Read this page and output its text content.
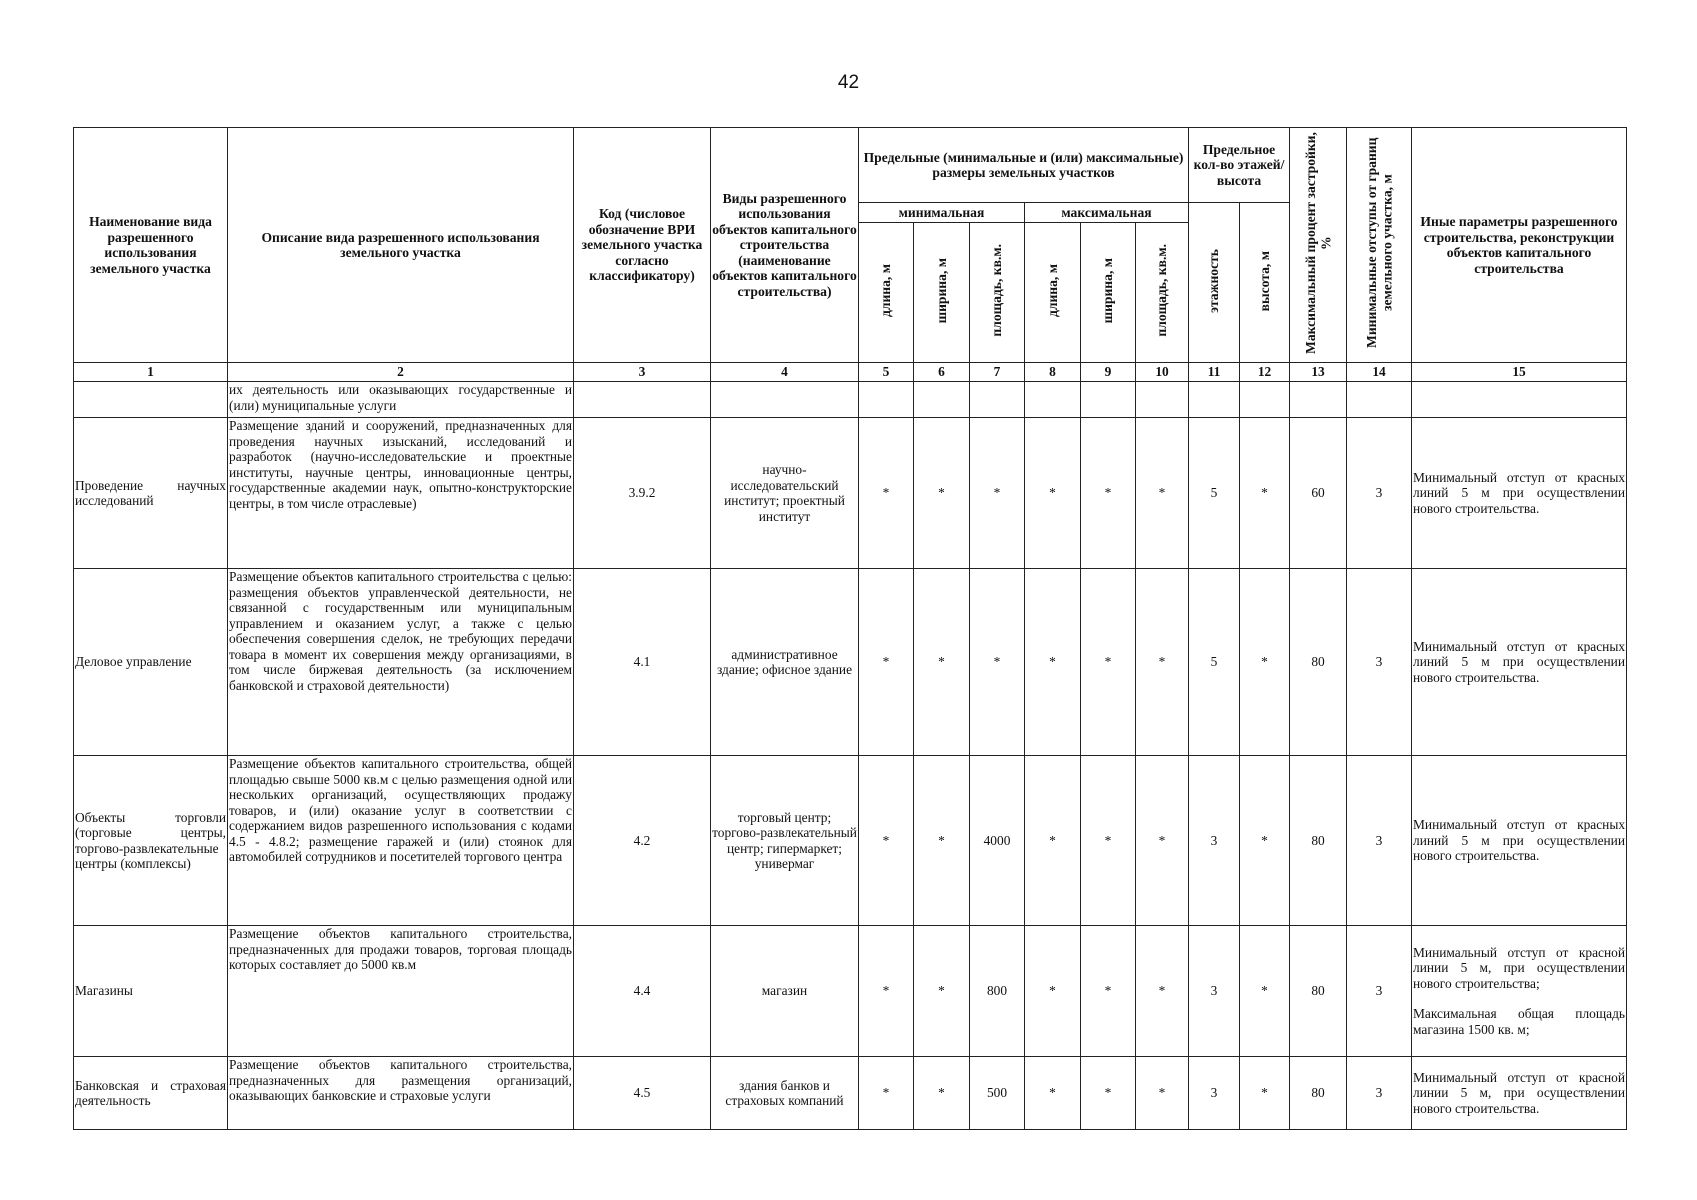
42
Наименование вида разрешенного использования земельного участка	Описание вида разрешенного использования земельного участка	Код (числовое обозначение ВРИ земельного участка согласно классификатору)	Виды разрешенного использования объектов капитального строительства (наименование объектов капитального строительства)	Предельные (минимальные и (или) максимальные) размеры земельных участков						Предельное кол-во этажей/ высота		Максимальный процент застройки, %	Минимальные отступы от границ земельного участка, м	Иные параметры разрешенного строительства, реконструкции объектов капитального строительства
				минимальная			максимальная			этажность	высота, м			
				длина, м	ширина, м	площадь, кв.м.	длина, м	ширина, м	площадь, кв.м.					
1	2	3	4	5	6	7	8	9	10	11	12	13	14	15
	их деятельность или оказывающих государственные и (или) муниципальные услуги													
Проведение научных исследований	Размещение зданий и сооружений, предназначенных для проведения научных изысканий, исследований и разработок (научно-исследовательские и проектные институты, научные центры, инновационные центры, государственные академии наук, опытно-конструкторские центры, в том числе отраслевые)	3.9.2	научно-исследовательский институт; проектный институт	*	*	*	*	*	*	5	*	60	3	Минимальный отступ от красных линий 5 м при осуществлении нового строительства.

Деловое управление	Размещение объектов капитального строительства с целью: размещения объектов управленческой деятельности, не связанной с государственным или муниципальным управлением и оказанием услуг, а также с целью обеспечения совершения сделок, не требующих передачи товара в момент их совершения между организациями, в том числе биржевая деятельность (за исключением банковской и страховой деятельности)	4.1	административное здание; офисное здание	*	*	*	*	*	*	5	*	80	3	Минимальный отступ от красных линий 5 м при осуществлении нового строительства.

Объекты торговли (торговые центры, торгово-развлекательные центры (комплексы)	Размещение объектов капитального строительства, общей площадью свыше 5000 кв.м с целью размещения одной или нескольких организаций, осуществляющих продажу товаров, и (или) оказание услуг в соответствии с содержанием видов разрешенного использования с кодами 4.5 - 4.8.2; размещение гаражей и (или) стоянок для автомобилей сотрудников и посетителей торгового центра	4.2	торговый центр; торгово-развлекательный центр; гипермаркет; универмаг	*	*	4000	*	*	*	3	*	80	3	Минимальный отступ от красных линий 5 м при осуществлении нового строительства.

Магазины	Размещение объектов капитального строительства, предназначенных для продажи товаров, торговая площадь которых составляет до 5000 кв.м	4.4	магазин	*	*	800	*	*	*	3	*	80	3	Минимальный отступ от красной линии 5 м, при осуществлении нового строительства;
Максимальная общая площадь магазина 1500 кв. м;

Банковская и страховая деятельность	Размещение объектов капитального строительства, предназначенных для размещения организаций, оказывающих банковские и страховые услуги	4.5	здания банков и страховых компаний	*	*	500	*	*	*	3	*	80	3	Минимальный отступ от красной линии 5 м, при осуществлении нового строительства.
